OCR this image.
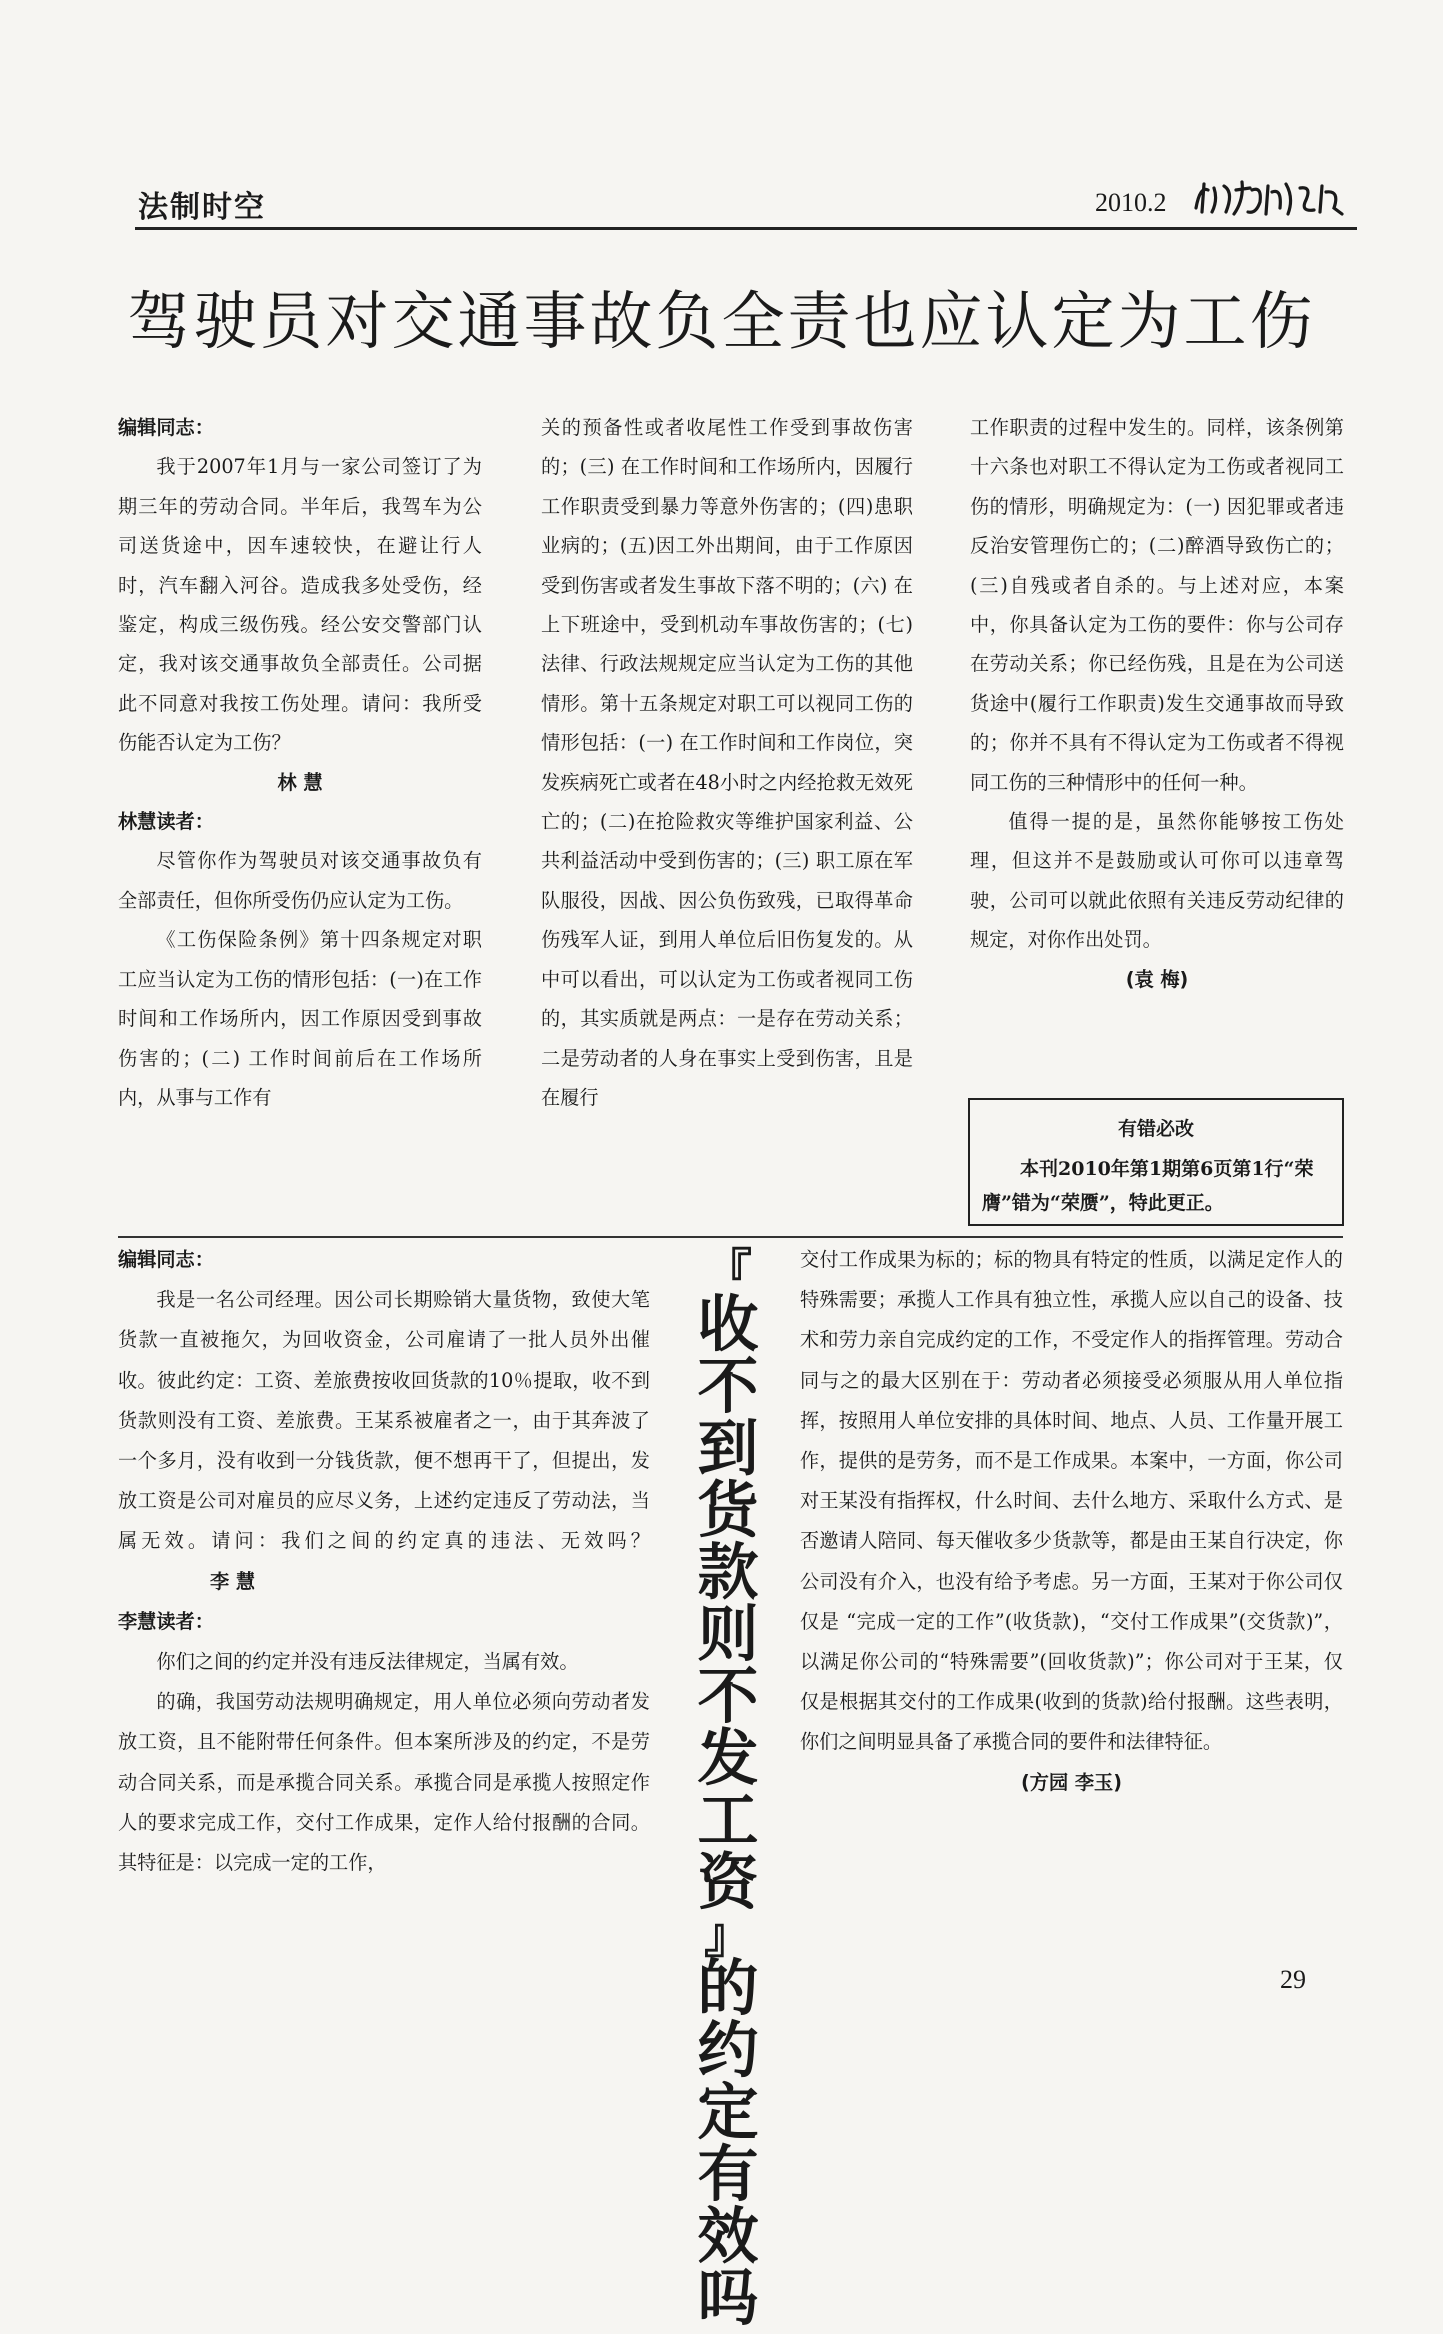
法制时空	2010.2
驾驶员对交通事故负全责也应认定为工伤

编辑同志：

我于2007年1月与一家公司签订了为期三年的劳动合同。半年后，我驾车为公司送货途中，因车速较快，在避让行人时，汽车翻入河谷。造成我多处受伤，经鉴定，构成三级伤残。经公安交警部门认定，我对该交通事故负全部责任。公司据此不同意对我按工伤处理。请问：我所受伤能否认定为工伤？

林 慧

林慧读者：

尽管你作为驾驶员对该交通事故负有全部责任，但你所受伤仍应认定为工伤。

《工伤保险条例》第十四条规定对职工应当认定为工伤的情形包括：(一)在工作时间和工作场所内，因工作原因受到事故伤害的；(二) 工作时间前后在工作场所内，从事与工作有

关的预备性或者收尾性工作受到事故伤害的；(三) 在工作时间和工作场所内，因履行工作职责受到暴力等意外伤害的；(四)患职业病的；(五)因工外出期间，由于工作原因受到伤害或者发生事故下落不明的；(六) 在上下班途中，受到机动车事故伤害的；(七)法律、行政法规规定应当认定为工伤的其他情形。第十五条规定对职工可以视同工伤的情形包括：(一) 在工作时间和工作岗位，突发疾病死亡或者在48小时之内经抢救无效死亡的；(二)在抢险救灾等维护国家利益、公共利益活动中受到伤害的；(三) 职工原在军队服役，因战、因公负伤致残，已取得革命伤残军人证，到用人单位后旧伤复发的。从中可以看出，可以认定为工伤或者视同工伤的，其实质就是两点：一是存在劳动关系；二是劳动者的人身在事实上受到伤害，且是在履行

工作职责的过程中发生的。同样，该条例第十六条也对职工不得认定为工伤或者视同工伤的情形，明确规定为：(一) 因犯罪或者违反治安管理伤亡的；(二)醉酒导致伤亡的；(三)自残或者自杀的。与上述对应，本案中，你具备认定为工伤的要件：你与公司存在劳动关系；你已经伤残，且是在为公司送货途中(履行工作职责)发生交通事故而导致的；你并不具有不得认定为工伤或者不得视同工伤的三种情形中的任何一种。

值得一提的是，虽然你能够按工伤处理，但这并不是鼓励或认可你可以违章驾驶，公司可以就此依照有关违反劳动纪律的规定，对你作出处罚。

(袁 梅)

有错必改
本刊2010年第1期第6页第1行“荣膺”错为“荣赝”，特此更正。

编辑同志：

我是一名公司经理。因公司长期赊销大量货物，致使大笔货款一直被拖欠，为回收资金，公司雇请了一批人员外出催收。彼此约定：工资、差旅费按收回货款的10％提取，收不到货款则没有工资、差旅费。王某系被雇者之一，由于其奔波了一个多月，没有收到一分钱货款，便不想再干了，但提出，发放工资是公司对雇员的应尽义务，上述约定违反了劳动法，当属无效。请问：我们之间的约定真的违法、无效吗？李 慧

李慧读者：

你们之间的约定并没有违反法律规定，当属有效。

的确，我国劳动法规明确规定，用人单位必须向劳动者发放工资，且不能附带任何条件。但本案所涉及的约定，不是劳动合同关系，而是承揽合同关系。承揽合同是承揽人按照定作人的要求完成工作，交付工作成果，定作人给付报酬的合同。其特征是：以完成一定的工作，

『
收
不
到
货
款
则
不
发
工
资
』
的
约
定
有
效
吗

交付工作成果为标的；标的物具有特定的性质，以满足定作人的特殊需要；承揽人工作具有独立性，承揽人应以自己的设备、技术和劳力亲自完成约定的工作，不受定作人的指挥管理。劳动合同与之的最大区别在于：劳动者必须接受必须服从用人单位指挥，按照用人单位安排的具体时间、地点、人员、工作量开展工作，提供的是劳务，而不是工作成果。本案中，一方面，你公司对王某没有指挥权，什么时间、去什么地方、采取什么方式、是否邀请人陪同、每天催收多少货款等，都是由王某自行决定，你公司没有介入，也没有给予考虑。另一方面，王某对于你公司仅仅是 “完成一定的工作”(收货款)，“交付工作成果”(交货款)”，以满足你公司的“特殊需要”(回收货款)”；你公司对于王某，仅仅是根据其交付的工作成果(收到的货款)给付报酬。这些表明，你们之间明显具备了承揽合同的要件和法律特征。

(方园 李玉)

29
